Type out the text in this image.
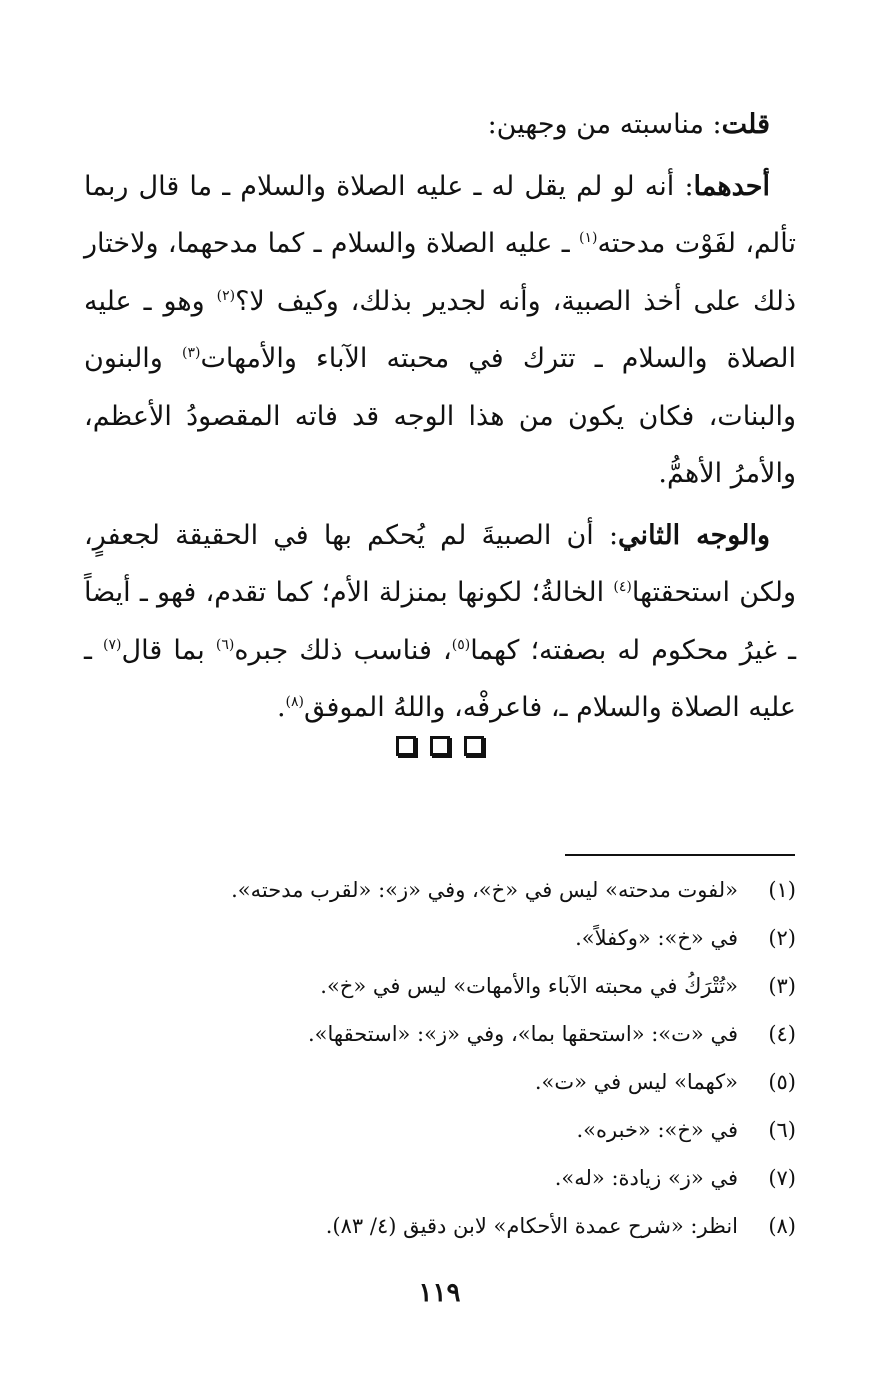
قلت: مناسبته من وجهين:

أحدهما: أنه لو لم يقل له ـ عليه الصلاة والسلام ـ ما قال ربما تألم، لفَوْت مدحته$^{(١)}$ ـ عليه الصلاة والسلام ـ كما مدحهما، ولاختار ذلك على أخذ الصبية، وأنه لجدير بذلك، وكيف لا؟$^{(٢)}$ وهو ـ عليه الصلاة والسلام ـ تترك في محبته الآباء والأمهات$^{(٣)}$ والبنون والبنات، فكان يكون من هذا الوجه قد فاته المقصودُ الأعظم، والأمرُ الأهمُّ.

والوجه الثاني: أن الصبيةَ لم يُحكم بها في الحقيقة لجعفرٍ، ولكن استحقتها$^{(٤)}$ الخالةُ؛ لكونها بمنزلة الأم؛ كما تقدم، فهو ـ أيضاً ـ غيرُ محكوم له بصفته؛ كهما$^{(٥)}$، فناسب ذلك جبره$^{(٦)}$ بما قال$^{(٧)}$ ـ عليه الصلاة والسلام ـ، فاعرفْه، واللهُ الموفق$^{(٨)}$.

(١)
«لفوت مدحته» ليس في «خ»، وفي «ز»: «لقرب مدحته».
(٢)
في «خ»: «وكفلاً».
(٣)
«تُتْرَكُ في محبته الآباء والأمهات» ليس في «خ».
(٤)
في «ت»: «استحقها بما»، وفي «ز»: «استحقها».
(٥)
«كهما» ليس في «ت».
(٦)
في «خ»: «خبره».
(٧)
في «ز» زيادة: «له».
(٨)
انظر: «شرح عمدة الأحكام» لابن دقيق (٤/ ٨٣).
١١٩
